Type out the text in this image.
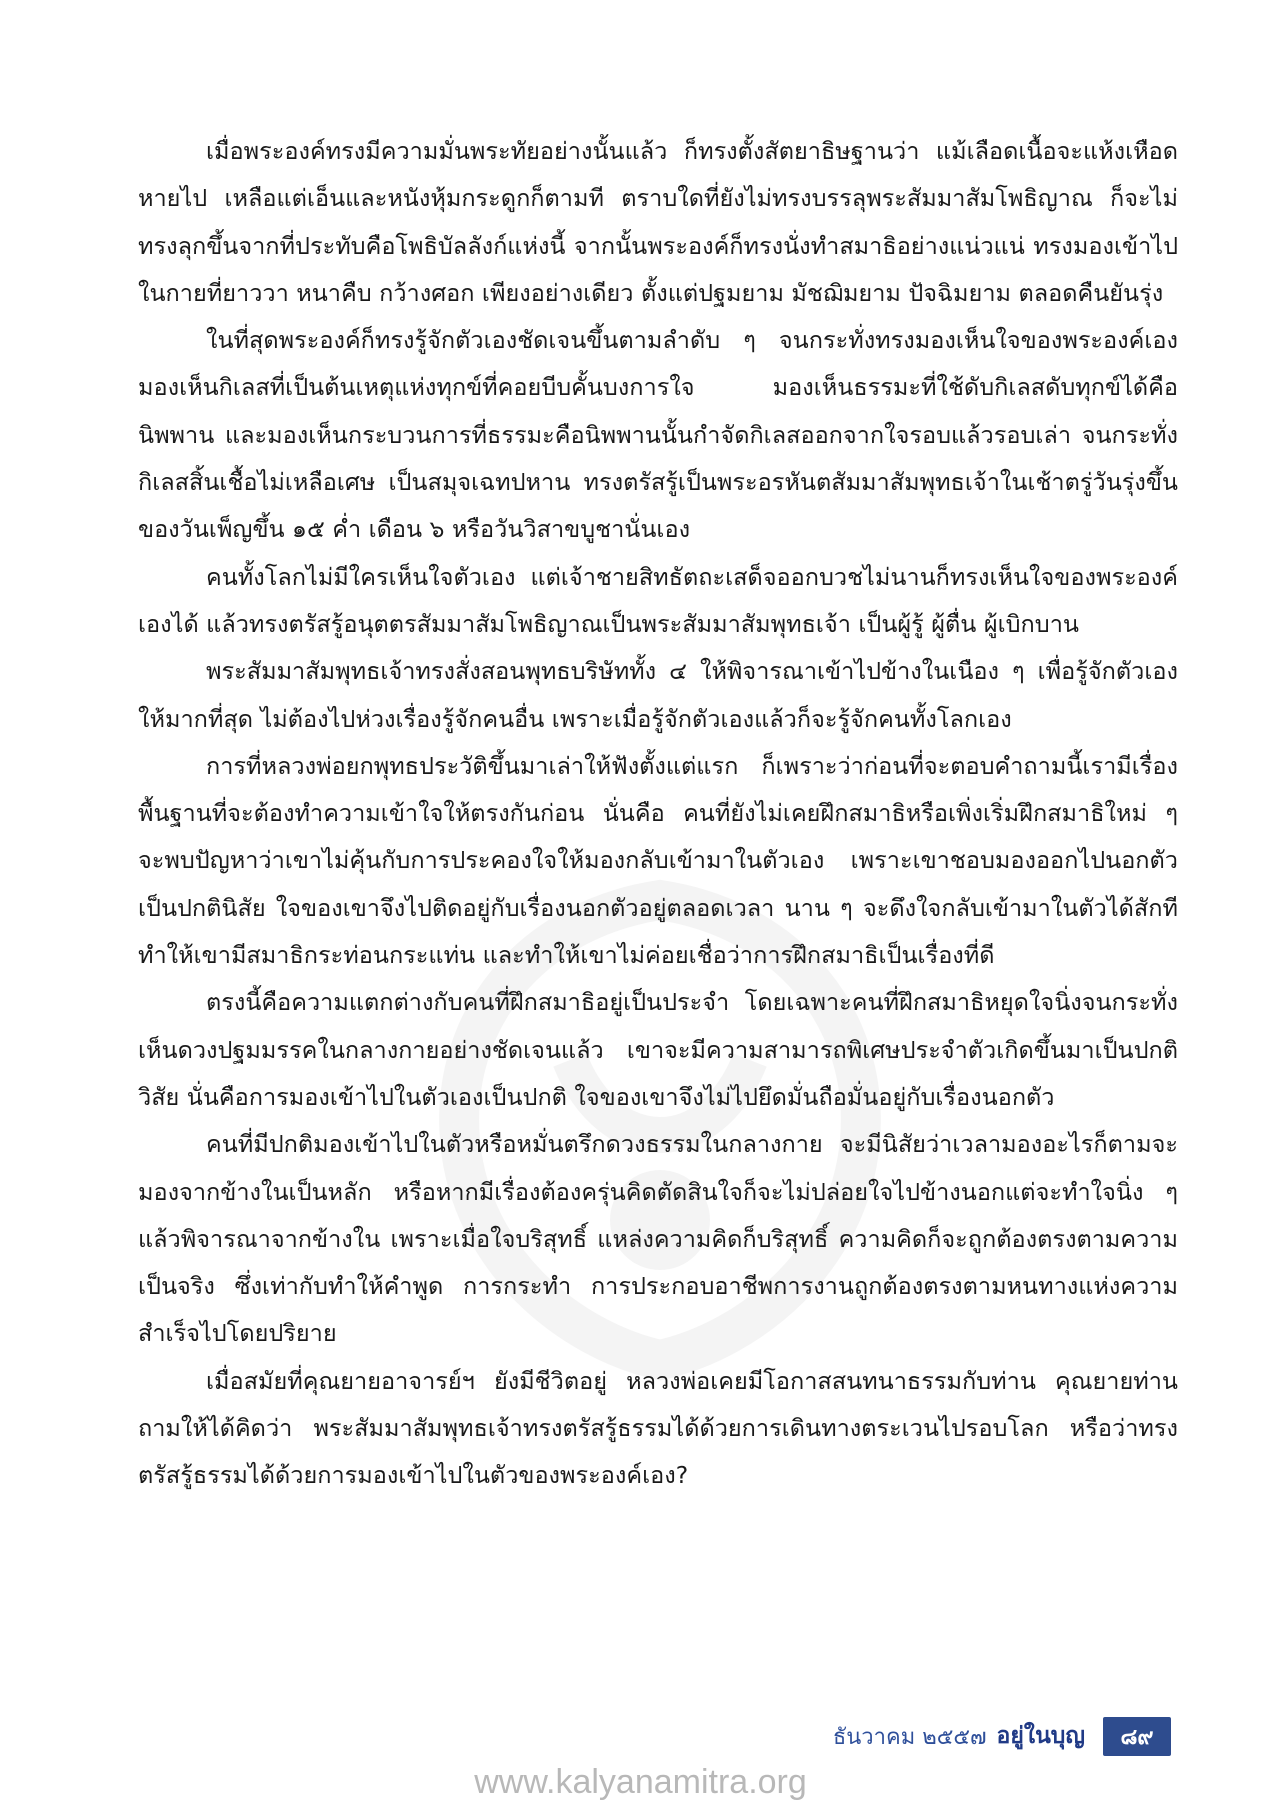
เมื่อพระองค์ทรงมีความมั่นพระทัยอย่างนั้นแล้ว ก็ทรงตั้งสัตยาธิษฐานว่า แม้เลือดเนื้อจะแห้งเหือดหายไป เหลือแต่เอ็นและหนังหุ้มกระดูกก็ตามที ตราบใดที่ยังไม่ทรงบรรลุพระสัมมาสัมโพธิญาณ ก็จะไม่ทรงลุกขึ้นจากที่ประทับคือโพธิบัลลังก์แห่งนี้ จากนั้นพระองค์ก็ทรงนั่งทำสมาธิอย่างแน่วแน่ ทรงมองเข้าไปในกายที่ยาววา หนาคืบ กว้างศอก เพียงอย่างเดียว ตั้งแต่ปฐมยาม มัชฌิมยาม ปัจฉิมยาม ตลอดคืนยันรุ่ง

ในที่สุดพระองค์ก็ทรงรู้จักตัวเองชัดเจนขึ้นตามลำดับ ๆ จนกระทั่งทรงมองเห็นใจของพระองค์เอง มองเห็นกิเลสที่เป็นต้นเหตุแห่งทุกข์ที่คอยบีบคั้นบงการใจ มองเห็นธรรมะที่ใช้ดับกิเลสดับทุกข์ได้คือนิพพาน และมองเห็นกระบวนการที่ธรรมะคือนิพพานนั้นกำจัดกิเลสออกจากใจรอบแล้วรอบเล่า จนกระทั่งกิเลสสิ้นเชื้อไม่เหลือเศษ เป็นสมุจเฉทปหาน ทรงตรัสรู้เป็นพระอรหันตสัมมาสัมพุทธเจ้าในเช้าตรู่วันรุ่งขึ้นของวันเพ็ญขึ้น ๑๕ ค่ำ เดือน ๖ หรือวันวิสาขบูชานั่นเอง

คนทั้งโลกไม่มีใครเห็นใจตัวเอง แต่เจ้าชายสิทธัตถะเสด็จออกบวชไม่นานก็ทรงเห็นใจของพระองค์เองได้ แล้วทรงตรัสรู้อนุตตรสัมมาสัมโพธิญาณเป็นพระสัมมาสัมพุทธเจ้า เป็นผู้รู้ ผู้ตื่น ผู้เบิกบาน

พระสัมมาสัมพุทธเจ้าทรงสั่งสอนพุทธบริษัททั้ง ๔ ให้พิจารณาเข้าไปข้างในเนือง ๆ เพื่อรู้จักตัวเองให้มากที่สุด ไม่ต้องไปห่วงเรื่องรู้จักคนอื่น เพราะเมื่อรู้จักตัวเองแล้วก็จะรู้จักคนทั้งโลกเอง

การที่หลวงพ่อยกพุทธประวัติขึ้นมาเล่าให้ฟังตั้งแต่แรก ก็เพราะว่าก่อนที่จะตอบคำถามนี้เรามีเรื่องพื้นฐานที่จะต้องทำความเข้าใจให้ตรงกันก่อน นั่นคือ คนที่ยังไม่เคยฝึกสมาธิหรือเพิ่งเริ่มฝึกสมาธิใหม่ ๆ จะพบปัญหาว่าเขาไม่คุ้นกับการประคองใจให้มองกลับเข้ามาในตัวเอง เพราะเขาชอบมองออกไปนอกตัวเป็นปกตินิสัย ใจของเขาจึงไปติดอยู่กับเรื่องนอกตัวอยู่ตลอดเวลา นาน ๆ จะดึงใจกลับเข้ามาในตัวได้สักที ทำให้เขามีสมาธิกระท่อนกระแท่น และทำให้เขาไม่ค่อยเชื่อว่าการฝึกสมาธิเป็นเรื่องที่ดี

ตรงนี้คือความแตกต่างกับคนที่ฝึกสมาธิอยู่เป็นประจำ โดยเฉพาะคนที่ฝึกสมาธิหยุดใจนิ่งจนกระทั่งเห็นดวงปฐมมรรคในกลางกายอย่างชัดเจนแล้ว เขาจะมีความสามารถพิเศษประจำตัวเกิดขึ้นมาเป็นปกติวิสัย นั่นคือการมองเข้าไปในตัวเองเป็นปกติ ใจของเขาจึงไม่ไปยึดมั่นถือมั่นอยู่กับเรื่องนอกตัว

คนที่มีปกติมองเข้าไปในตัวหรือหมั่นตรึกดวงธรรมในกลางกาย จะมีนิสัยว่าเวลามองอะไรก็ตามจะมองจากข้างในเป็นหลัก หรือหากมีเรื่องต้องครุ่นคิดตัดสินใจก็จะไม่ปล่อยใจไปข้างนอกแต่จะทำใจนิ่ง ๆ แล้วพิจารณาจากข้างใน เพราะเมื่อใจบริสุทธิ์ แหล่งความคิดก็บริสุทธิ์ ความคิดก็จะถูกต้องตรงตามความเป็นจริง ซึ่งเท่ากับทำให้คำพูด การกระทำ การประกอบอาชีพการงานถูกต้องตรงตามหนทางแห่งความสำเร็จไปโดยปริยาย

เมื่อสมัยที่คุณยายอาจารย์ฯ ยังมีชีวิตอยู่ หลวงพ่อเคยมีโอกาสสนทนาธรรมกับท่าน คุณยายท่านถามให้ได้คิดว่า พระสัมมาสัมพุทธเจ้าทรงตรัสรู้ธรรมได้ด้วยการเดินทางตระเวนไปรอบโลก หรือว่าทรงตรัสรู้ธรรมได้ด้วยการมองเข้าไปในตัวของพระองค์เอง?

ธันวาคม ๒๕๕๗ อยู่ในบุญ	๘๙
www.kalyanamitra.org
